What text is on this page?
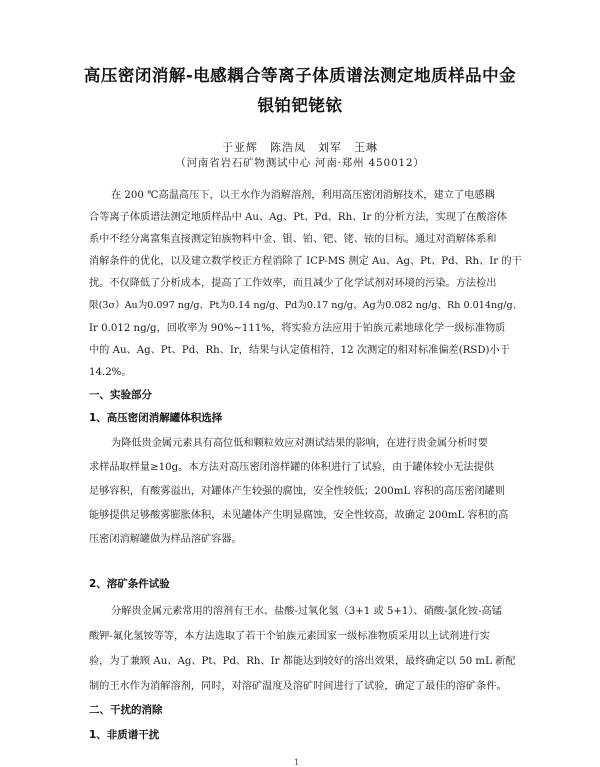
高压密闭消解-电感耦合等离子体质谱法测定地质样品中金
银铂钯铑铱
于亚辉　陈浩凤　刘军　王琳
（河南省岩石矿物测试中心 河南·郑州 450012）
在 200 ℃高温高压下，以王水作为消解溶剂，利用高压密闭消解技术，建立了电感耦
合等离子体质谱法测定地质样品中 Au、Ag、Pt、Pd、Rh、Ir 的分析方法，实现了在酸溶体
系中不经分离富集直接测定铂族物料中金、银、铂、钯、铑、铱的目标。通过对消解体系和
消解条件的优化，以及建立数学校正方程消除了 ICP-MS 测定 Au、Ag、Pt、Pd、Rh、Ir 的干
扰。不仅降低了分析成本，提高了工作效率，而且减少了化学试剂对环境的污染。方法检出
限(3σ）Au为0.097 ng/g、Pt为0.14 ng/g、Pd为0.17 ng/g、Ag为0.082 ng/g、Rh 0.014ng/g、
Ir 0.012 ng/g，回收率为 90%~111%，将实验方法应用于铂族元素地球化学一级标准物质
中的 Au、Ag、Pt、Pd、Rh、Ir，结果与认定值相符，12 次测定的相对标准偏差(RSD)小于
14.2%。
一、实验部分
1、高压密闭消解罐体积选择
为降低贵金属元素具有高位低和颗粒效应对测试结果的影响，在进行贵金属分析时要
求样品取样量≥10g。本方法对高压密闭溶样罐的体积进行了试验，由于罐体较小无法提供
足够容积，有酸雾溢出，对罐体产生较强的腐蚀，安全性较低；200mL 容积的高压密闭罐则
能够提供足够酸雾膨胀体积，未见罐体产生明显腐蚀，安全性较高，故确定 200mL 容积的高
压密闭消解罐做为样品溶矿容器。
2、溶矿条件试验
分解贵金属元素常用的溶剂有王水、盐酸-过氧化氢（3+1 或 5+1）、硝酸-氯化铵-高锰
酸钾-氟化氢铵等等，本方法选取了若干个铂族元素国家一级标准物质采用以上试剂进行实
验，为了兼顾 Au、Ag、Pt、Pd、Rh、Ir 都能达到较好的溶出效果，最终确定以 50 mL 新配
制的王水作为消解溶剂，同时，对溶矿温度及溶矿时间进行了试验，确定了最佳的溶矿条件。
二、干扰的消除
1、非质谱干扰
1
